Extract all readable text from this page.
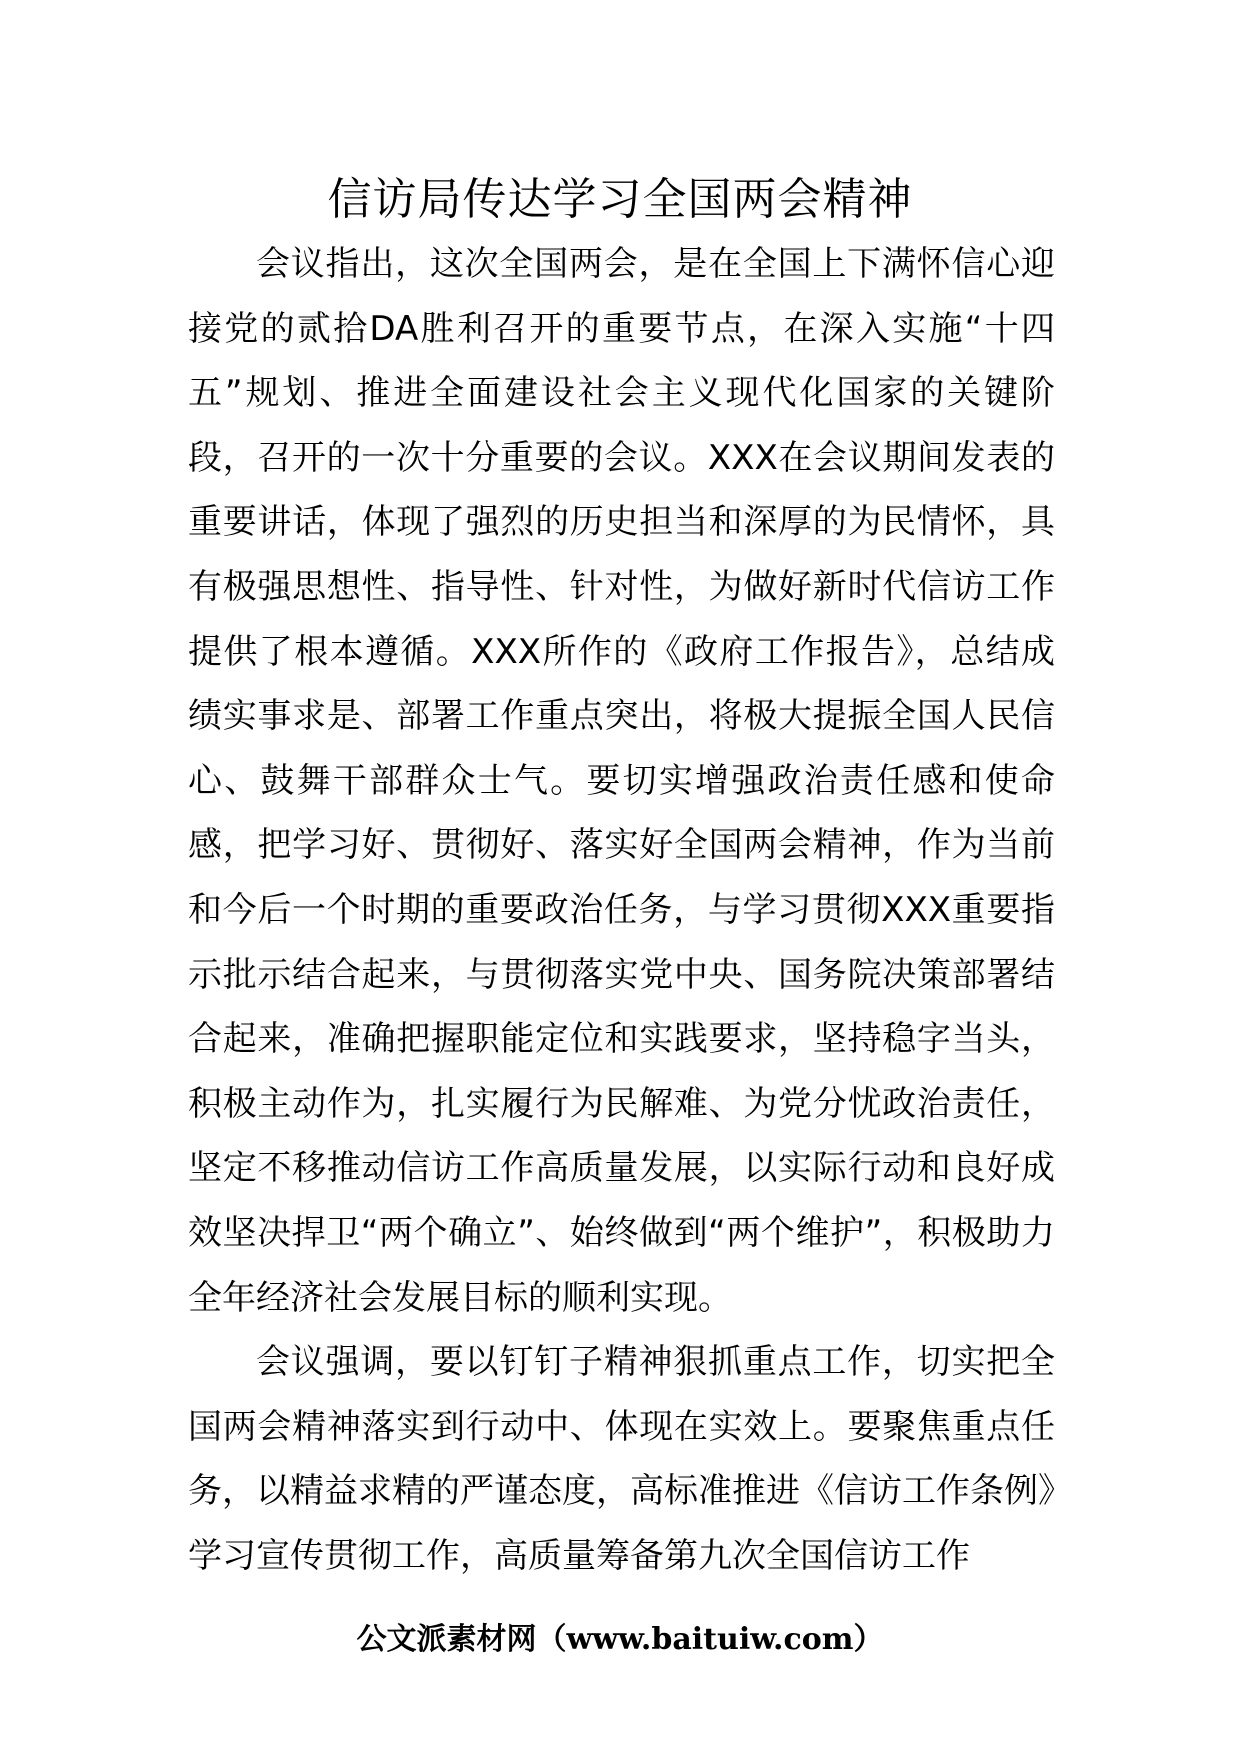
信访局传达学习全国两会精神

会议指出，这次全国两会，是在全国上下满怀信心迎接党的贰拾DA胜利召开的重要节点，在深入实施“十四五”规划、推进全面建设社会主义现代化国家的关键阶段，召开的一次十分重要的会议。XXX在会议期间发表的重要讲话，体现了强烈的历史担当和深厚的为民情怀，具有极强思想性、指导性、针对性，为做好新时代信访工作提供了根本遵循。XXX所作的《政府工作报告》，总结成绩实事求是、部署工作重点突出，将极大提振全国人民信心、鼓舞干部群众士气。要切实增强政治责任感和使命感，把学习好、贯彻好、落实好全国两会精神，作为当前和今后一个时期的重要政治任务，与学习贯彻XXX重要指示批示结合起来，与贯彻落实党中央、国务院决策部署结合起来，准确把握职能定位和实践要求，坚持稳字当头，积极主动作为，扎实履行为民解难、为党分忧政治责任，坚定不移推动信访工作高质量发展，以实际行动和良好成效坚决捍卫“两个确立”、始终做到“两个维护”，积极助力全年经济社会发展目标的顺利实现。

会议强调，要以钉钉子精神狠抓重点工作，切实把全国两会精神落实到行动中、体现在实效上。要聚焦重点任务，以精益求精的严谨态度，高标准推进《信访工作条例》学习宣传贯彻工作，高质量筹备第九次全国信访工作

公文派素材网（www.baituiw.com）
